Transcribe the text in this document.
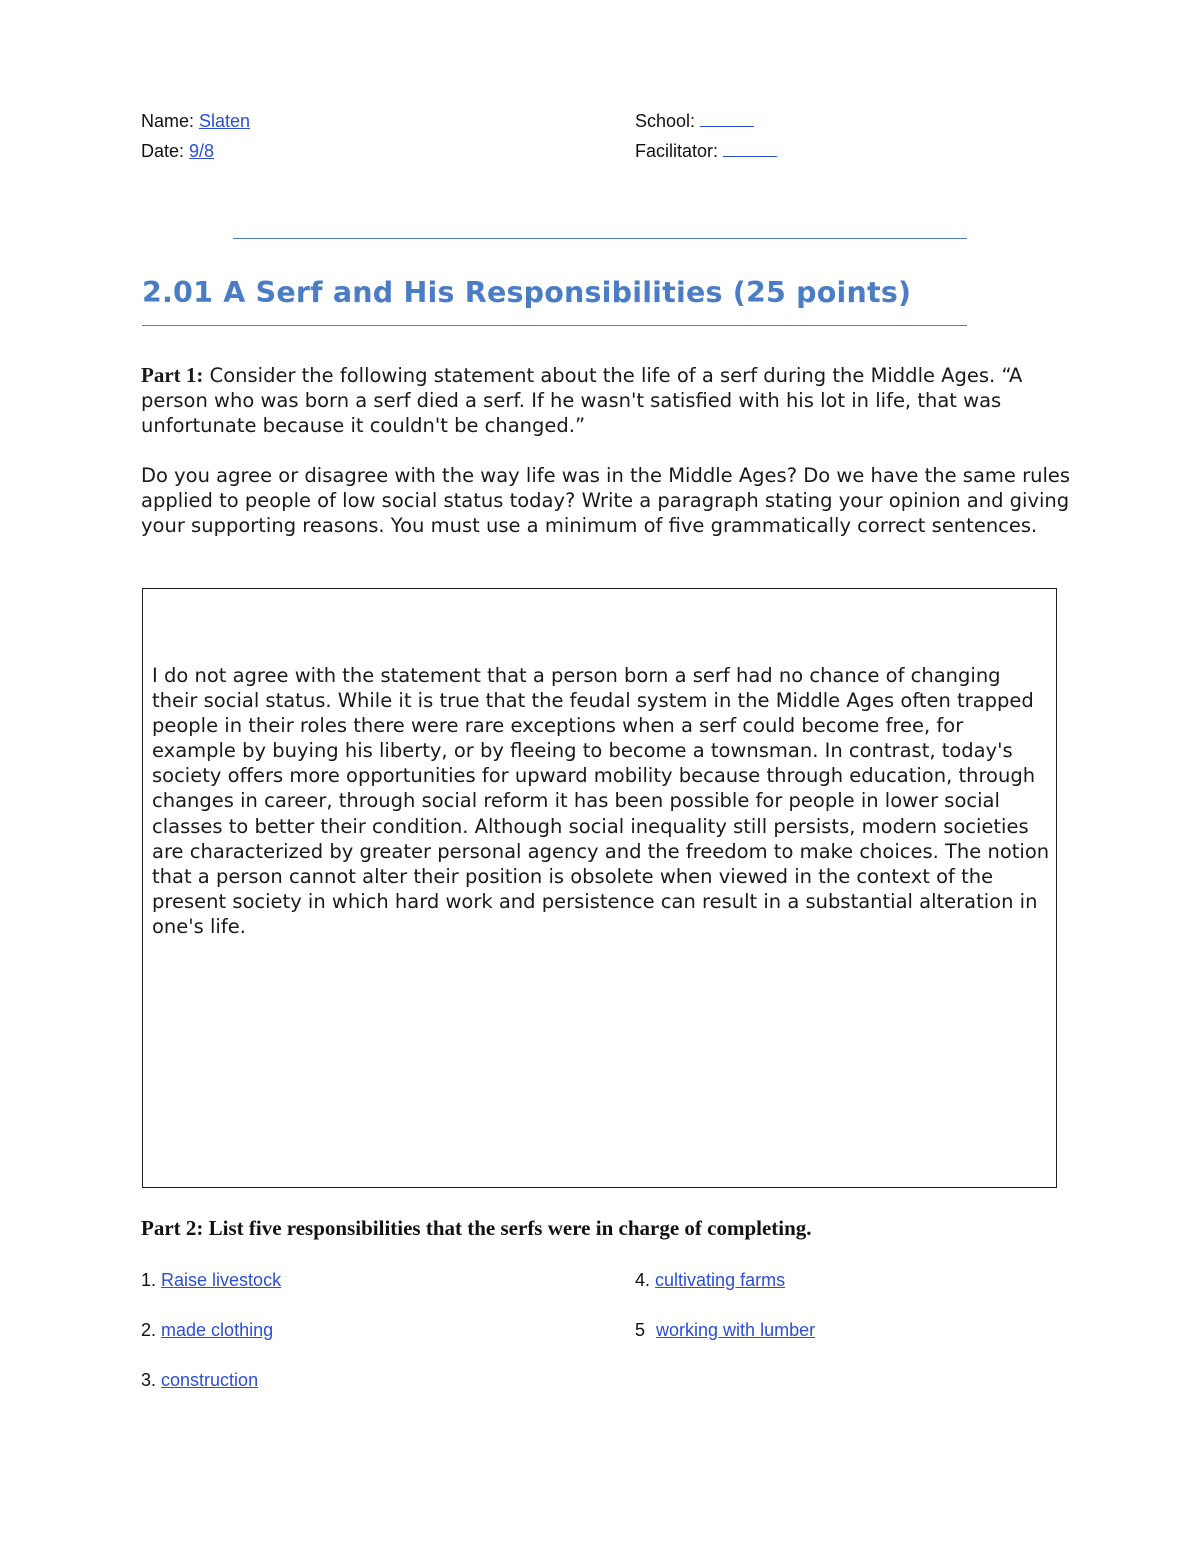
Name: Slaten
Date: 9/8
School:
Facilitator:
2.01 A Serf and His Responsibilities (25 points)
Part 1: Consider the following statement about the life of a serf during the Middle Ages. “A person who was born a serf died a serf. If he wasn't satisfied with his lot in life, that was unfortunate because it couldn't be changed.”
Do you agree or disagree with the way life was in the Middle Ages? Do we have the same rules applied to people of low social status today? Write a paragraph stating your opinion and giving your supporting reasons. You must use a minimum of five grammatically correct sentences.
I do not agree with the statement that a person born a serf had no chance of changing their social status. While it is true that the feudal system in the Middle Ages often trapped people in their roles there were rare exceptions when a serf could become free, for example by buying his liberty, or by fleeing to become a townsman. In contrast, today's society offers more opportunities for upward mobility because through education, through changes in career, through social reform it has been possible for people in lower social classes to better their condition. Although social inequality still persists, modern societies are characterized by greater personal agency and the freedom to make choices. The notion that a person cannot alter their position is obsolete when viewed in the context of the present society in which hard work and persistence can result in a substantial alteration in one's life.
Part 2: List five responsibilities that the serfs were in charge of completing.
1. Raise livestock
2. made clothing
3. construction
4. cultivating farms
5 working with lumber
